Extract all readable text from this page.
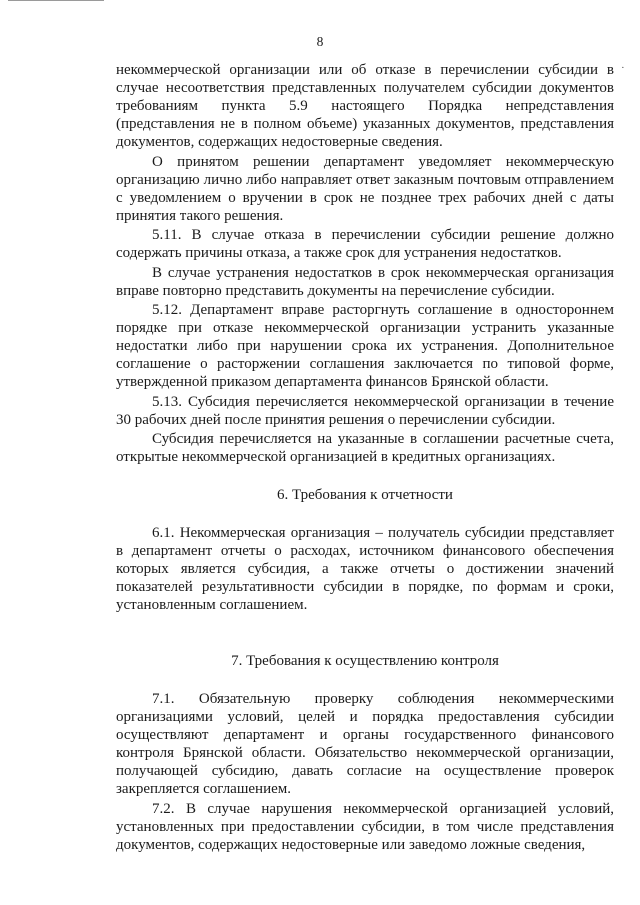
8
·

некоммерческой организации или об отказе в перечислении субсидии в случае несоответствия представленных получателем субсидии документов требованиям пункта 5.9 настоящего Порядка непредставления (представления не в полном объеме) указанных документов, представления документов, содержащих недостоверные сведения.

О принятом решении департамент уведомляет некоммерческую организацию лично либо направляет ответ заказным почтовым отправлением с уведомлением о вручении в срок не позднее трех рабочих дней с даты принятия такого решения.

5.11. В случае отказа в перечислении субсидии решение должно содержать причины отказа, а также срок для устранения недостатков.

В случае устранения недостатков в срок некоммерческая организация вправе повторно представить документы на перечисление субсидии.

5.12. Департамент вправе расторгнуть соглашение в одностороннем порядке при отказе некоммерческой организации устранить указанные недостатки либо при нарушении срока их устранения. Дополнительное соглашение о расторжении соглашения заключается по типовой форме, утвержденной приказом департамента финансов Брянской области.

5.13. Субсидия перечисляется некоммерческой организации в течение 30 рабочих дней после принятия решения о перечислении субсидии.

Субсидия перечисляется на указанные в соглашении расчетные счета, открытые некоммерческой организацией в кредитных организациях.

6. Требования к отчетности

6.1. Некоммерческая организация – получатель субсидии представляет в департамент отчеты о расходах, источником финансового обеспечения которых является субсидия, а также отчеты о достижении значений показателей результативности субсидии в порядке, по формам и сроки, установленным соглашением.

7. Требования к осуществлению контроля

7.1. Обязательную проверку соблюдения некоммерческими организациями условий, целей и порядка предоставления субсидии осуществляют департамент и органы государственного финансового контроля Брянской области. Обязательство некоммерческой организации, получающей субсидию, давать согласие на осуществление проверок закрепляется соглашением.

7.2. В случае нарушения некоммерческой организацией условий, установленных при предоставлении субсидии, в том числе представления документов, содержащих недостоверные или заведомо ложные сведения,
